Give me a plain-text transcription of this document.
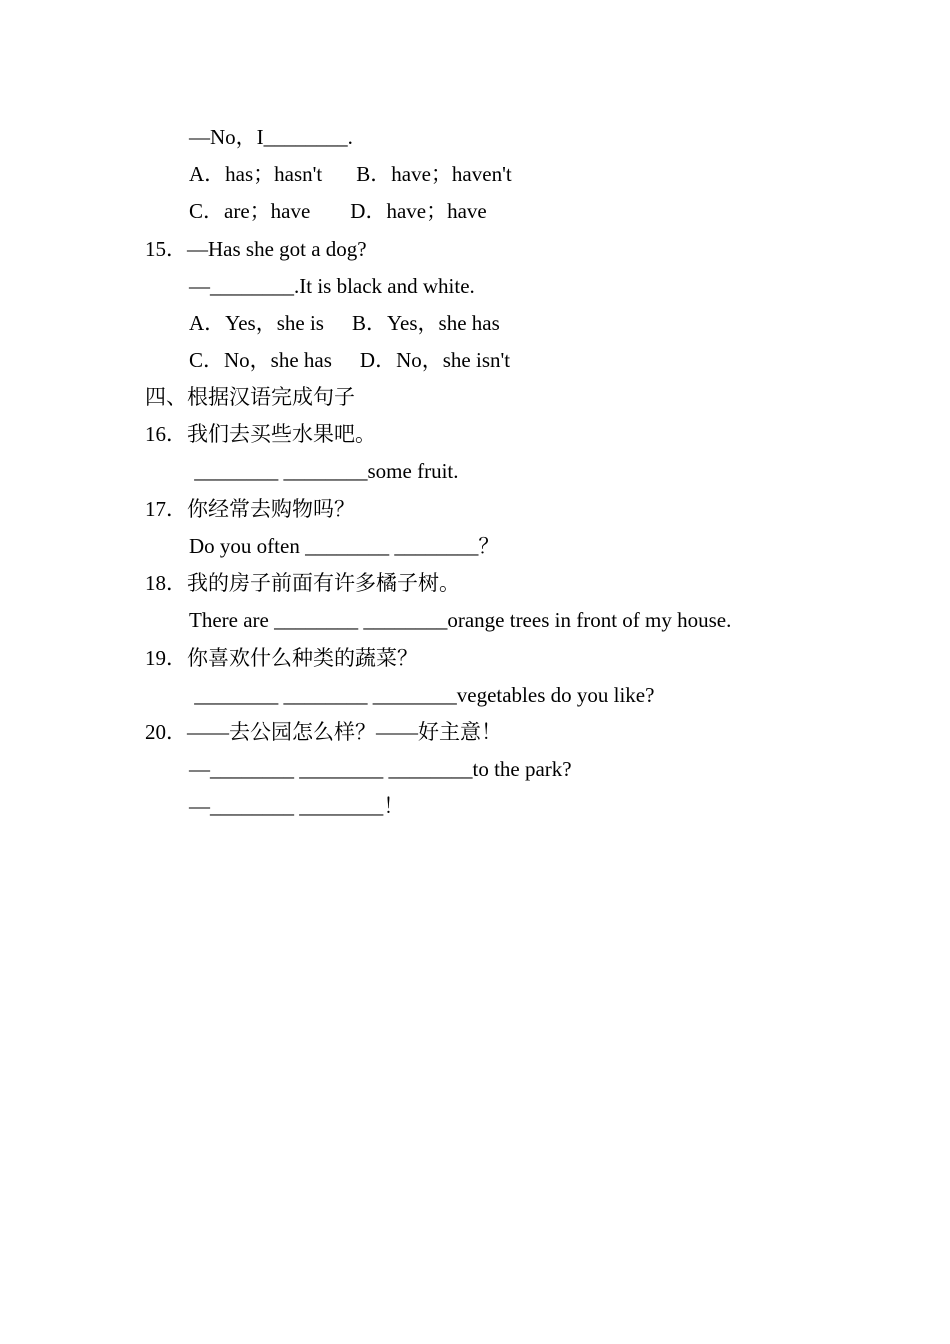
—No，I________.
A．has；hasn't B．have；haven't
C．are；have D．have；have
15．—Has she got a dog?
—________.It is black and white.
A．Yes，she is B．Yes，she has
C．No，she has D．No，she isn't
四、根据汉语完成句子
16．我们去买些水果吧。
________ ________some fruit.
17．你经常去购物吗？
Do you often ________ ________？
18．我的房子前面有许多橘子树。
There are ________ ________orange trees in front of my house.
19．你喜欢什么种类的蔬菜？
________ ________ ________vegetables do you like?
20．——去公园怎么样？——好主意！
—________ ________ ________to the park?
—________ ________！
